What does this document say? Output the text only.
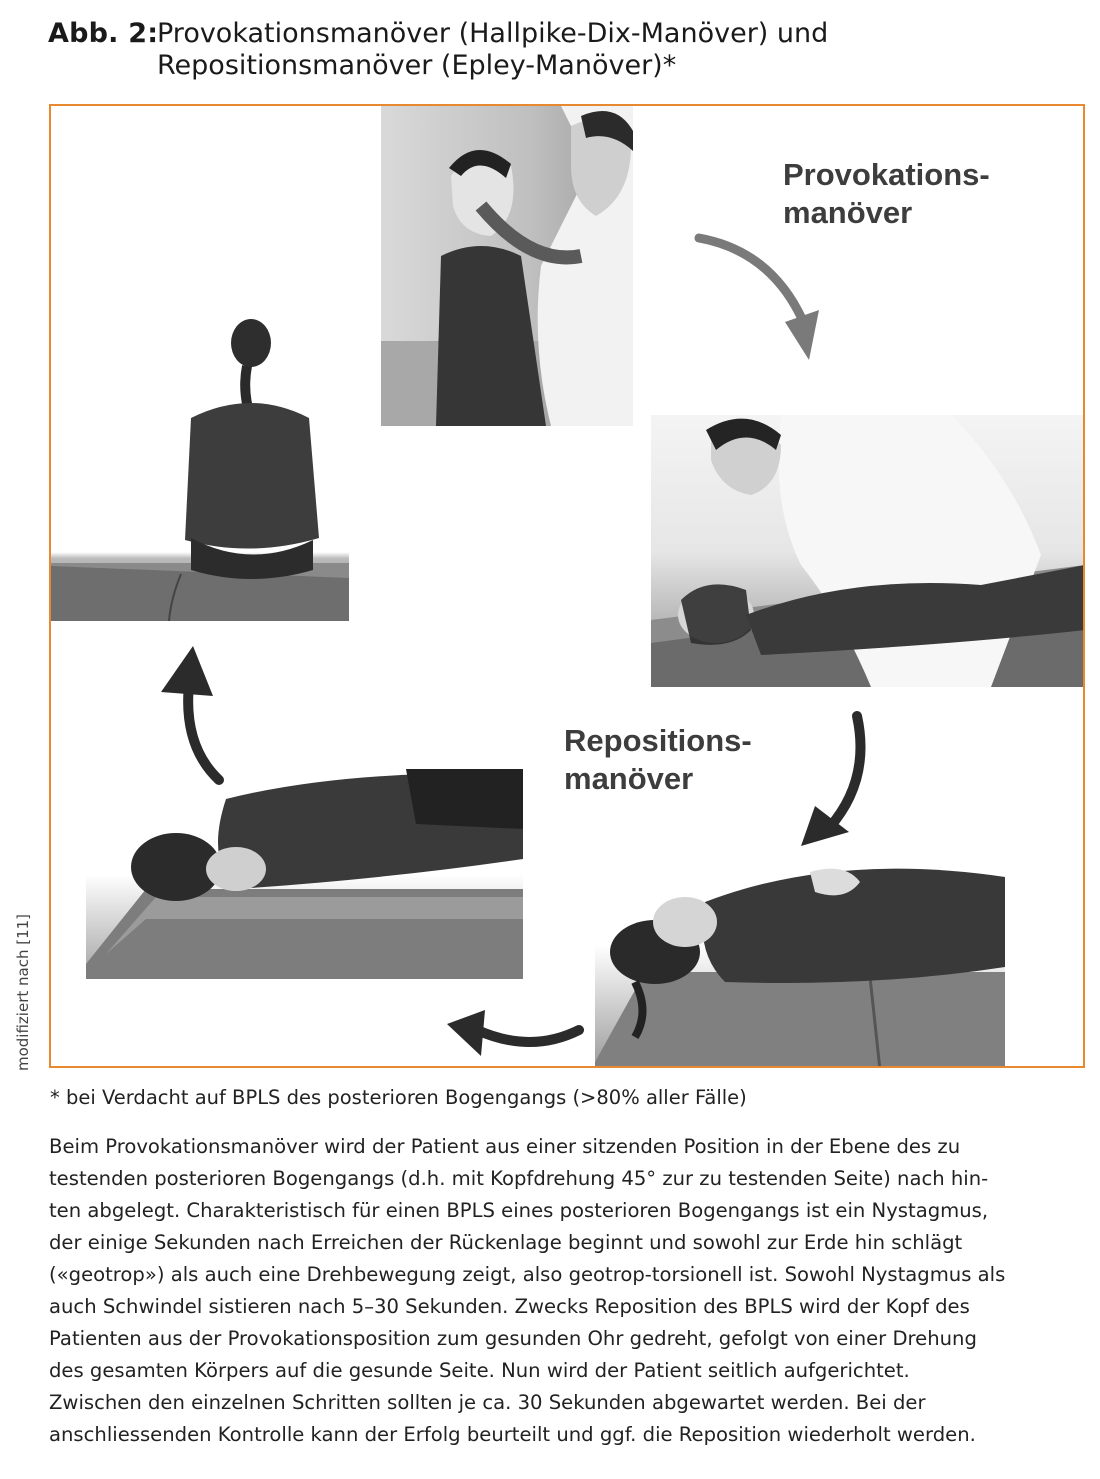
Abb. 2:
Provokationsmanöver (Hallpike-Dix-Manöver) und
Repositionsmanöver (Epley-Manöver)*
Provokations-
manöver
Repositions-
manöver
modifiziert nach [11]
* bei Verdacht auf BPLS des posterioren Bogengangs (>80% aller Fälle)
Beim Provokationsmanöver wird der Patient aus einer sitzenden Position in der Ebene des zu
testenden posterioren Bogengangs (d.h. mit Kopfdrehung 45° zur zu testenden Seite) nach hin-
ten abgelegt. Charakteristisch für einen BPLS eines posterioren Bogengangs ist ein Nystagmus,
der einige Sekunden nach Erreichen der Rückenlage beginnt und sowohl zur Erde hin schlägt
(«geotrop») als auch eine Drehbewegung zeigt, also geotrop-torsionell ist. Sowohl Nystagmus als
auch Schwindel sistieren nach 5–30 Sekunden. Zwecks Reposition des BPLS wird der Kopf des
Patienten aus der Provokationsposition zum gesunden Ohr gedreht, gefolgt von einer Drehung
des gesamten Körpers auf die gesunde Seite. Nun wird der Patient seitlich aufgerichtet.
Zwischen den einzelnen Schritten sollten je ca. 30 Sekunden abgewartet werden. Bei der
anschliessenden Kontrolle kann der Erfolg beurteilt und ggf. die Reposition wiederholt werden.
